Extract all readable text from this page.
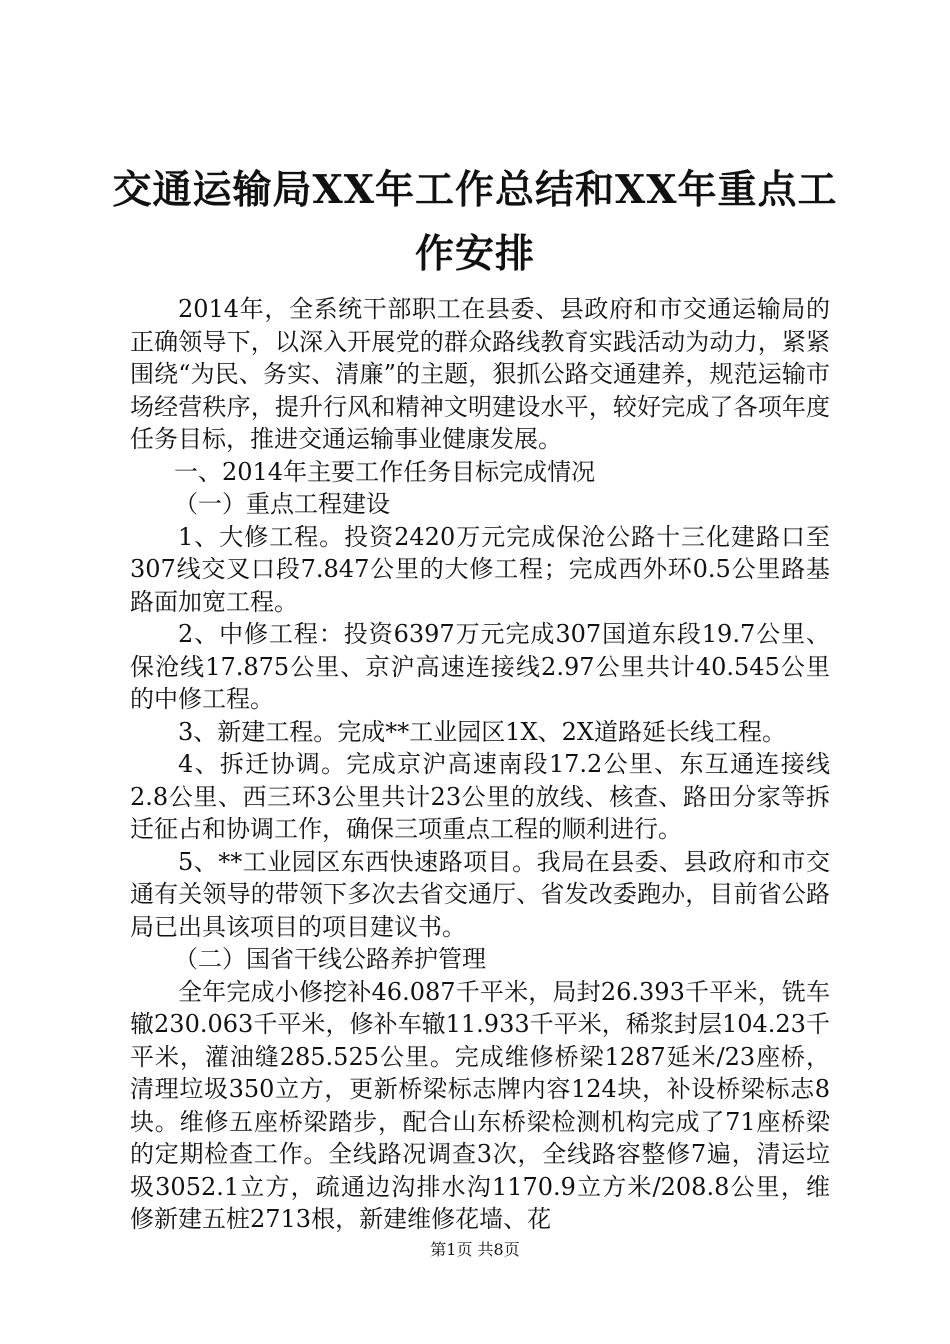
交通运输局XX年工作总结和XX年重点工作安排

2014年，全系统干部职工在县委、县政府和市交通运输局的正确领导下，以深入开展党的群众路线教育实践活动为动力，紧紧围绕“为民、务实、清廉”的主题，狠抓公路交通建养，规范运输市场经营秩序，提升行风和精神文明建设水平，较好完成了各项年度任务目标，推进交通运输事业健康发展。

一、2014年主要工作任务目标完成情况

（一）重点工程建设

1、大修工程。投资2420万元完成保沧公路十三化建路口至307线交叉口段7.847公里的大修工程；完成西外环0.5公里路基路面加宽工程。

2、中修工程：投资6397万元完成307国道东段19.7公里、保沧线17.875公里、京沪高速连接线2.97公里共计40.545公里的中修工程。

3、新建工程。完成**工业园区1X、2X道路延长线工程。

4、拆迁协调。完成京沪高速南段17.2公里、东互通连接线2.8公里、西三环3公里共计23公里的放线、核查、路田分家等拆迁征占和协调工作，确保三项重点工程的顺利进行。

5、**工业园区东西快速路项目。我局在县委、县政府和市交通有关领导的带领下多次去省交通厅、省发改委跑办，目前省公路局已出具该项目的项目建议书。

（二）国省干线公路养护管理

全年完成小修挖补46.087千平米，局封26.393千平米，铣车辙230.063千平米，修补车辙11.933千平米，稀浆封层104.23千平米，灌油缝285.525公里。完成维修桥梁1287延米/23座桥，清理垃圾350立方，更新桥梁标志牌内容124块，补设桥梁标志8块。维修五座桥梁踏步，配合山东桥梁检测机构完成了71座桥梁的定期检查工作。全线路况调查3次，全线路容整修7遍，清运垃圾3052.1立方，疏通边沟排水沟1170.9立方米/208.8公里，维修新建五桩2713根，新建维修花墙、花

第1页 共8页
